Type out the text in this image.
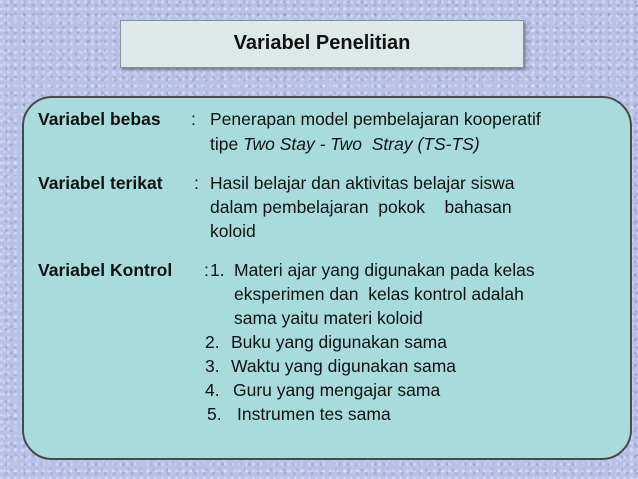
Variabel Penelitian
Variabel bebas : Penerapan model pembelajaran kooperatif
tipe Two Stay - Two  Stray (TS-TS)
Variabel terikat : Hasil belajar dan aktivitas belajar siswa
dalam pembelajaran  pokok    bahasan
koloid
Variabel Kontrol : 1. Materi ajar yang digunakan pada kelas
eksperimen dan  kelas kontrol adalah
sama yaitu materi koloid
2. Buku yang digunakan sama
3. Waktu yang digunakan sama
4. Guru yang mengajar sama
5. Instrumen tes sama
